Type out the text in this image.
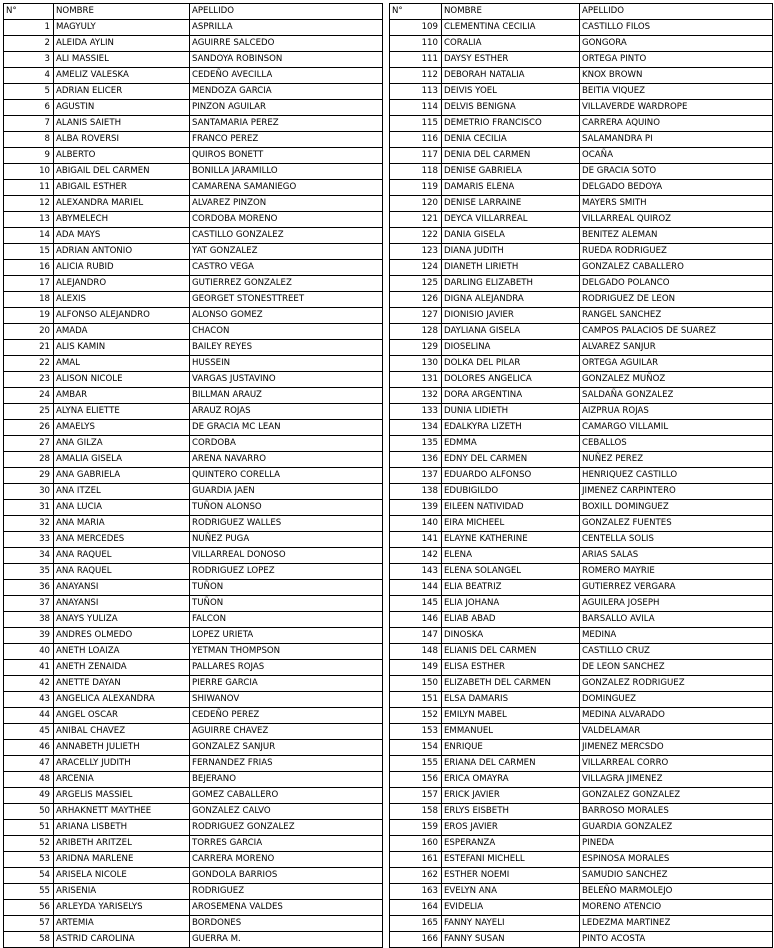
N°	NOMBRE	APELLIDO
1	MAGYULY	ASPRILLA
2	ALEIDA AYLIN	AGUIRRE SALCEDO
3	ALI MASSIEL	SANDOYA ROBINSON
4	AMELIZ VALESKA	CEDEÑO AVECILLA
5	ADRIAN ELICER	MENDOZA GARCIA
6	AGUSTIN	PINZON AGUILAR
7	ALANIS SAIETH	SANTAMARIA PEREZ
8	ALBA ROVERSI	FRANCO PEREZ
9	ALBERTO	QUIROS BONETT
10	ABIGAIL DEL CARMEN	BONILLA JARAMILLO
11	ABIGAIL ESTHER	CAMARENA SAMANIEGO
12	ALEXANDRA MARIEL	ALVAREZ PINZON
13	ABYMELECH	CORDOBA MORENO
14	ADA MAYS	CASTILLO GONZALEZ
15	ADRIAN ANTONIO	YAT GONZALEZ
16	ALICIA RUBID	CASTRO VEGA
17	ALEJANDRO	GUTIERREZ GONZALEZ
18	ALEXIS	GEORGET STONESTTREET
19	ALFONSO ALEJANDRO	ALONSO GOMEZ
20	AMADA	CHACON
21	ALIS KAMIN	BAILEY REYES
22	AMAL	HUSSEIN
23	ALISON NICOLE	VARGAS JUSTAVINO
24	AMBAR	BILLMAN ARAUZ
25	ALYNA ELIETTE	ARAUZ ROJAS
26	AMAELYS	DE GRACIA MC LEAN
27	ANA GILZA	CORDOBA
28	AMALIA GISELA	ARENA NAVARRO
29	ANA GABRIELA	QUINTERO CORELLA
30	ANA ITZEL	GUARDIA JAEN
31	ANA LUCIA	TUÑON ALONSO
32	ANA MARIA	RODRIGUEZ WALLES
33	ANA MERCEDES	NUÑEZ PUGA
34	ANA RAQUEL	VILLARREAL DONOSO
35	ANA RAQUEL	RODRIGUEZ LOPEZ
36	ANAYANSI	TUÑON
37	ANAYANSI	TUÑON
38	ANAYS YULIZA	FALCON
39	ANDRES OLMEDO	LOPEZ URIETA
40	ANETH LOAIZA	YETMAN THOMPSON
41	ANETH ZENAIDA	PALLARES ROJAS
42	ANETTE DAYAN	PIERRE GARCIA
43	ANGELICA ALEXANDRA	SHIWANOV
44	ANGEL OSCAR	CEDEÑO PEREZ
45	ANIBAL CHAVEZ	AGUIRRE CHAVEZ
46	ANNABETH JULIETH	GONZALEZ SANJUR
47	ARACELLY JUDITH	FERNANDEZ FRIAS
48	ARCENIA	BEJERANO
49	ARGELIS MASSIEL	GOMEZ CABALLERO
50	ARHAKNETT MAYTHEE	GONZALEZ CALVO
51	ARIANA LISBETH	RODRIGUEZ GONZALEZ
52	ARIBETH ARITZEL	TORRES GARCIA
53	ARIDNA MARLENE	CARRERA MORENO
54	ARISELA NICOLE	GONDOLA BARRIOS
55	ARISENIA	RODRIGUEZ
56	ARLEYDA YARISELYS	AROSEMENA VALDES
57	ARTEMIA	BORDONES
58	ASTRID CAROLINA	GUERRA M.
N°	NOMBRE	APELLIDO
109	CLEMENTINA CECILIA	CASTILLO FILOS
110	CORALIA	GONGORA
111	DAYSY ESTHER	ORTEGA PINTO
112	DEBORAH NATALIA	KNOX BROWN
113	DEIVIS YOEL	BEITIA VIQUEZ
114	DELVIS BENIGNA	VILLAVERDE WARDROPE
115	DEMETRIO FRANCISCO	CARRERA AQUINO
116	DENIA CECILIA	SALAMANDRA PI
117	DENIA DEL CARMEN	OCAÑA
118	DENISE GABRIELA	DE GRACIA SOTO
119	DAMARIS ELENA	DELGADO BEDOYA
120	DENISE LARRAINE	MAYERS SMITH
121	DEYCA VILLARREAL	VILLARREAL QUIROZ
122	DANIA GISELA	BENITEZ ALEMAN
123	DIANA JUDITH	RUEDA RODRIGUEZ
124	DIANETH LIRIETH	GONZALEZ CABALLERO
125	DARLING ELIZABETH	DELGADO POLANCO
126	DIGNA ALEJANDRA	RODRIGUEZ DE LEON
127	DIONISIO JAVIER	RANGEL SANCHEZ
128	DAYLIANA GISELA	CAMPOS PALACIOS DE SUAREZ
129	DIOSELINA	ALVAREZ SANJUR
130	DOLKA DEL PILAR	ORTEGA AGUILAR
131	DOLORES ANGELICA	GONZALEZ MUÑOZ
132	DORA ARGENTINA	SALDAÑA GONZALEZ
133	DUNIA LIDIETH	AIZPRUA ROJAS
134	EDALKYRA LIZETH	CAMARGO VILLAMIL
135	EDMMA	CEBALLOS
136	EDNY DEL CARMEN	NUÑEZ PEREZ
137	EDUARDO ALFONSO	HENRIQUEZ CASTILLO
138	EDUBIGILDO	JIMENEZ CARPINTERO
139	EILEEN NATIVIDAD	BOXILL DOMINGUEZ
140	EIRA MICHEEL	GONZALEZ FUENTES
141	ELAYNE KATHERINE	CENTELLA SOLIS
142	ELENA	ARIAS SALAS
143	ELENA SOLANGEL	ROMERO MAYRIE
144	ELIA BEATRIZ	GUTIERREZ VERGARA
145	ELIA JOHANA	AGUILERA JOSEPH
146	ELIAB ABAD	BARSALLO AVILA
147	DINOSKA	MEDINA
148	ELIANIS DEL CARMEN	CASTILLO CRUZ
149	ELISA ESTHER	DE LEON SANCHEZ
150	ELIZABETH DEL CARMEN	GONZALEZ RODRIGUEZ
151	ELSA DAMARIS	DOMINGUEZ
152	EMILYN MABEL	MEDINA ALVARADO
153	EMMANUEL	VALDELAMAR
154	ENRIQUE	JIMENEZ MERCSDO
155	ERIANA DEL CARMEN	VILLARREAL CORRO
156	ERICA OMAYRA	VILLAGRA JIMENEZ
157	ERICK JAVIER	GONZALEZ GONZALEZ
158	ERLYS EISBETH	BARROSO MORALES
159	EROS JAVIER	GUARDIA GONZALEZ
160	ESPERANZA	PINEDA
161	ESTEFANI MICHELL	ESPINOSA MORALES
162	ESTHER NOEMI	SAMUDIO SANCHEZ
163	EVELYN ANA	BELEÑO MARMOLEJO
164	EVIDELIA	MORENO ATENCIO
165	FANNY NAYELI	LEDEZMA MARTINEZ
166	FANNY SUSAN	PINTO ACOSTA
